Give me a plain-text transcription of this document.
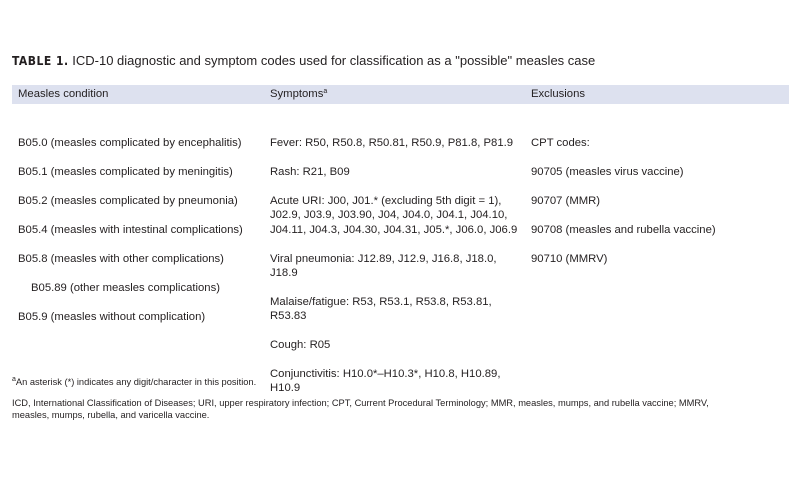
TABLE 1. ICD-10 diagnostic and symptom codes used for classification as a "possible" measles case
Measles condition	Symptoms$^a$	Exclusions
B05.0 (measles complicated by encephalitis)
B05.1 (measles complicated by meningitis)
B05.2 (measles complicated by pneumonia)
B05.4 (measles with intestinal complications)
B05.8 (measles with other complications)
B05.89 (other measles complications)
B05.9 (measles without complication)
Fever: R50, R50.8, R50.81, R50.9, P81.8, P81.9
Rash: R21, B09
Acute URI: J00, J01.* (excluding 5th digit = 1),
J02.9, J03.9, J03.90, J04, J04.0, J04.1, J04.10,
J04.11, J04.3, J04.30, J04.31, J05.*, J06.0, J06.9
Viral pneumonia: J12.89, J12.9, J16.8, J18.0,
J18.9
Malaise/fatigue: R53, R53.1, R53.8, R53.81,
R53.83
Cough: R05
Conjunctivitis: H10.0*–H10.3*, H10.8, H10.89,
H10.9
CPT codes:
90705 (measles virus vaccine)
90707 (MMR)
90708 (measles and rubella vaccine)
90710 (MMRV)
$^a$An asterisk (*) indicates any digit/character in this position.
ICD, International Classification of Diseases; URI, upper respiratory infection; CPT, Current Procedural Terminology; MMR, measles, mumps, and rubella vaccine; MMRV,
measles, mumps, rubella, and varicella vaccine.
